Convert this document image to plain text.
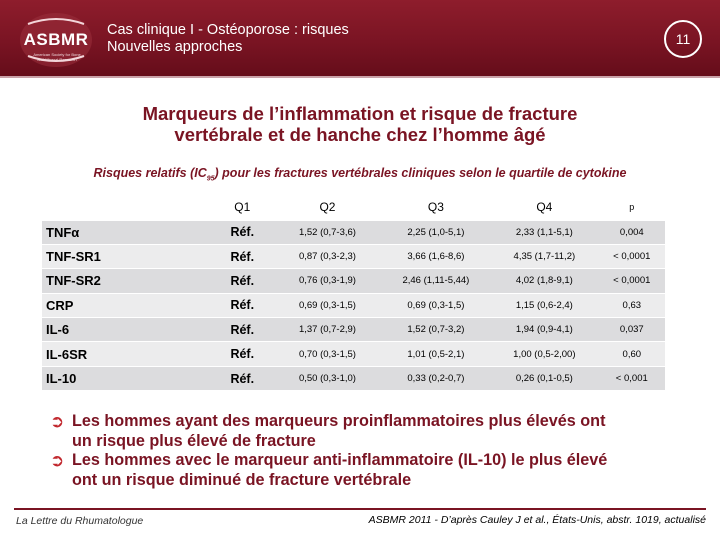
ASBMR
American Society for Bone and Mineral Research
Cas clinique I - Ostéoporose : risques
Nouvelles approches	11
Marqueurs de l’inflammation et risque de fracture
vertébrale et de hanche chez l’homme âgé
Risques relatifs $(IC_{95})$ pour les fractures vertébrales cliniques selon le quartile de cytokine
	Q1	Q2	Q3	Q4	p
TNFα	Réf.	1,52 (0,7-3,6)	2,25 (1,0-5,1)	2,33 (1,1-5,1)	0,004
TNF-SR1	Réf.	0,87 (0,3-2,3)	3,66 (1,6-8,6)	4,35 (1,7-11,2)	< 0,0001
TNF-SR2	Réf.	0,76 (0,3-1,9)	2,46 (1,11-5,44)	4,02 (1,8-9,1)	< 0,0001
CRP	Réf.	0,69 (0,3-1,5)	0,69 (0,3-1,5)	1,15 (0,6-2,4)	0,63
IL-6	Réf.	1,37 (0,7-2,9)	1,52 (0,7-3,2)	1,94 (0,9-4,1)	0,037
IL-6SR	Réf.	0,70 (0,3-1,5)	1,01 (0,5-2,1)	1,00 (0,5-2,00)	0,60
IL-10	Réf.	0,50 (0,3-1,0)	0,33 (0,2-0,7)	0,26 (0,1-0,5)	< 0,001
➲ Les hommes ayant des marqueurs proinflammatoires plus élevés ont
un risque plus élevé de fracture
➲ Les hommes avec le marqueur anti-inflammatoire (IL-10) le plus élevé
ont un risque diminué de fracture vertébrale
La Lettre du Rhumatologue	ASBMR 2011 - D’après Cauley J et al., États-Unis, abstr. 1019, actualisé
